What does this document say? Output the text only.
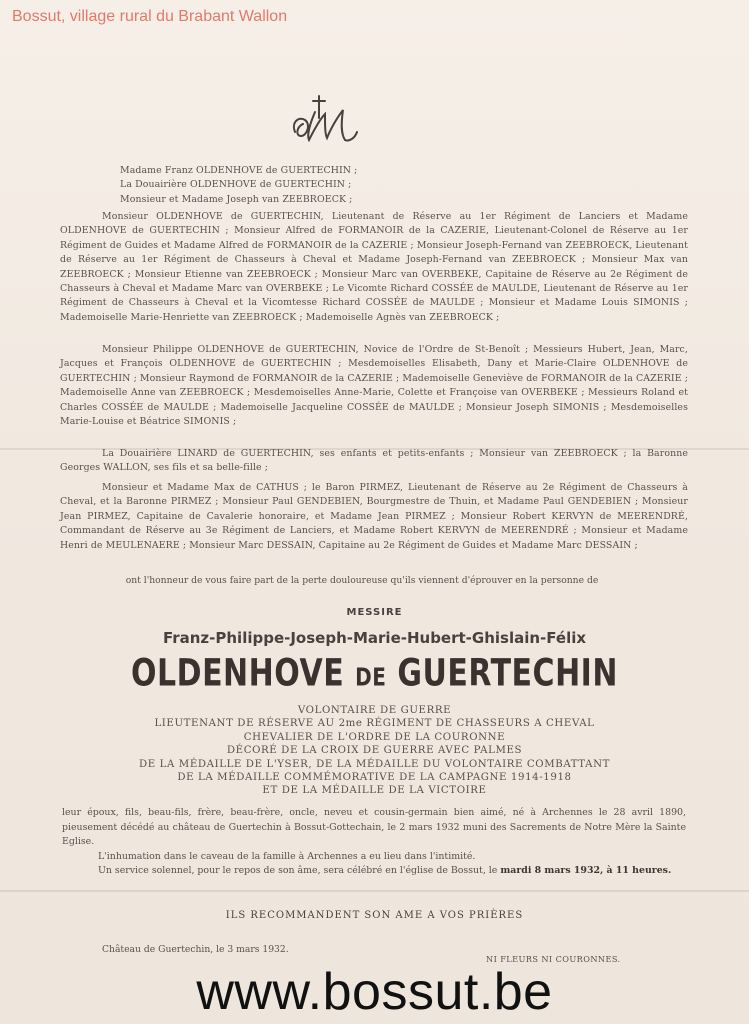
Bossut, village rural du Brabant Wallon
Madame Franz OLDENHOVE de GUERTECHIN ;
La Douairière OLDENHOVE de GUERTECHIN ;
Monsieur et Madame Joseph van ZEEBROECK ;

Monsieur OLDENHOVE de GUERTECHIN, Lieutenant de Réserve au 1er Régiment de Lanciers et Madame OLDENHOVE de GUERTECHIN ; Monsieur Alfred de FORMANOIR de la CAZERIE, Lieutenant-Colonel de Réserve au 1er Régiment de Guides et Madame Alfred de FORMANOIR de la CAZERIE ; Monsieur Joseph-Fernand van ZEEBROECK, Lieutenant de Réserve au 1er Régiment de Chasseurs à Cheval et Madame Joseph-Fernand van ZEEBROECK ; Monsieur Max van ZEEBROECK ; Monsieur Etienne van ZEEBROECK ; Monsieur Marc van OVERBEKE, Capitaine de Réserve au 2e Régiment de Chasseurs à Cheval et Madame Marc van OVERBEKE ; Le Vicomte Richard COSSÉE de MAULDE, Lieutenant de Réserve au 1er Régiment de Chasseurs à Cheval et la Vicomtesse Richard COSSÉE de MAULDE ; Monsieur et Madame Louis SIMONIS ; Mademoiselle Marie-Henriette van ZEEBROECK ; Mademoiselle Agnès van ZEEBROECK ;

Monsieur Philippe OLDENHOVE de GUERTECHIN, Novice de l'Ordre de St-Benoît ; Messieurs Hubert, Jean, Marc, Jacques et François OLDENHOVE de GUERTECHIN ; Mesdemoiselles Elisabeth, Dany et Marie-Claire OLDENHOVE de GUERTECHIN ; Monsieur Raymond de FORMANOIR de la CAZERIE ; Mademoiselle Geneviève de FORMANOIR de la CAZERIE ; Mademoiselle Anne van ZEEBROECK ; Mesdemoiselles Anne-Marie, Colette et Françoise van OVERBEKE ; Messieurs Roland et Charles COSSÉE de MAULDE ; Mademoiselle Jacqueline COSSÉE de MAULDE ; Monsieur Joseph SIMONIS ; Mesdemoiselles Marie-Louise et Béatrice SIMONIS ;

La Douairière LINARD de GUERTECHIN, ses enfants et petits-enfants ; Monsieur van ZEEBROECK ; la Baronne Georges WALLON, ses fils et sa belle-fille ;

Monsieur et Madame Max de CATHUS ; le Baron PIRMEZ, Lieutenant de Réserve au 2e Régiment de Chasseurs à Cheval, et la Baronne PIRMEZ ; Monsieur Paul GENDEBIEN, Bourgmestre de Thuin, et Madame Paul GENDEBIEN ; Monsieur Jean PIRMEZ, Capitaine de Cavalerie honoraire, et Madame Jean PIRMEZ ; Monsieur Robert KERVYN de MEERENDRÉ, Commandant de Réserve au 3e Régiment de Lanciers, et Madame Robert KERVYN de MEERENDRÉ ; Monsieur et Madame Henri de MEULENAERE ; Monsieur Marc DESSAIN, Capitaine au 2e Régiment de Guides et Madame Marc DESSAIN ;

ont l'honneur de vous faire part de la perte douloureuse qu'ils viennent d'éprouver en la personne de
MESSIRE
Franz-Philippe-Joseph-Marie-Hubert-Ghislain-Félix
OLDENHOVE DE GUERTECHIN
VOLONTAIRE DE GUERRE
LIEUTENANT DE RÉSERVE AU 2me RÉGIMENT DE CHASSEURS A CHEVAL
CHEVALIER DE L'ORDRE DE LA COURONNE
DÉCORÉ DE LA CROIX DE GUERRE AVEC PALMES
DE LA MÉDAILLE DE L'YSER, DE LA MÉDAILLE DU VOLONTAIRE COMBATTANT
DE LA MÉDAILLE COMMÉMORATIVE DE LA CAMPAGNE 1914-1918
ET DE LA MÉDAILLE DE LA VICTOIRE
leur époux, fils, beau-fils, frère, beau-frère, oncle, neveu et cousin-germain bien aimé, né à Archennes le 28 avril 1890, pieusement décédé au château de Guertechin à Bossut-Gottechain, le 2 mars 1932 muni des Sacrements de Notre Mère la Sainte Eglise.
L'inhumation dans le caveau de la famille à Archennes a eu lieu dans l'intimité.
Un service solennel, pour le repos de son âme, sera célébré en l'église de Bossut, le mardi 8 mars 1932, à 11 heures.
ILS RECOMMANDENT SON AME A VOS PRIÈRES
Château de Guertechin, le 3 mars 1932.
NI FLEURS NI COURONNES.
www.bossut.be
